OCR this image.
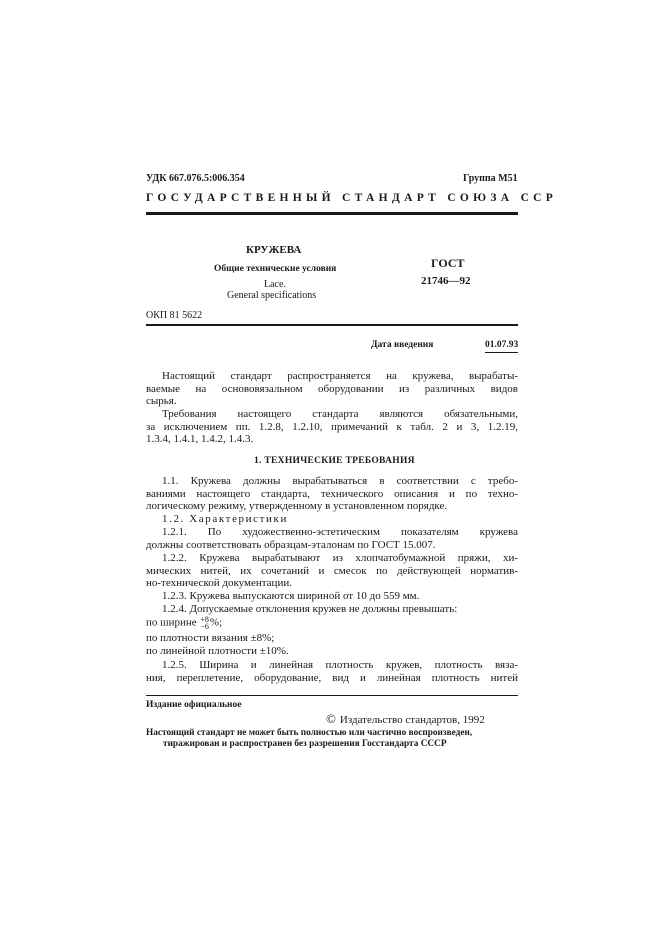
УДК 667.076.5:006.354	Группа М51
ГОСУДАРСТВЕННЫЙ СТАНДАРТ СОЮЗА ССР
КРУЖЕВА
Общие технические условия
Lace.
General specifications
ГОСТ
21746—92
ОКП 81 5622
Дата введения	01.07.93
Настоящий стандарт распространяется на кружева, вырабаты-
ваемые на основовязальном оборудовании из различных видов
сырья.
Требования настоящего стандарта являются обязательными,
за исключением пп. 1.2.8, 1.2.10, примечаний к табл. 2 и 3, 1.2.19,
1.3.4, 1.4.1, 1.4.2, 1.4.3.
1. ТЕХНИЧЕСКИЕ ТРЕБОВАНИЯ
1.1. Кружева должны вырабатываться в соответствии с требо-
ваниями настоящего стандарта, технического описания и по техно-
логическому режиму, утвержденному в установленном порядке.
1.2. Характеристики
1.2.1. По художественно-эстетическим показателям кружева
должны соответствовать образцам-эталонам по ГОСТ 15.007.
1.2.2. Кружева вырабатывают из хлопчатобумажной пряжи, хи-
мических нитей, их сочетаний и смесок по действующей норматив-
но-технической документации.
1.2.3. Кружева выпускаются шириной от 10 до 559 мм.
1.2.4. Допускаемые отклонения кружев не должны превышать:
по ширине +8
−6 %;
по плотности вязания ±8%;
по линейной плотности ±10%.
1.2.5. Ширина и линейная плотность кружев, плотность вяза-
ния, переплетение, оборудование, вид и линейная плотность нитей
Издание официальное
© Издательство стандартов, 1992
Настоящий стандарт не может быть полностью или частично воспроизведен,
тиражирован и распространен без разрешения Госстандарта СССР
